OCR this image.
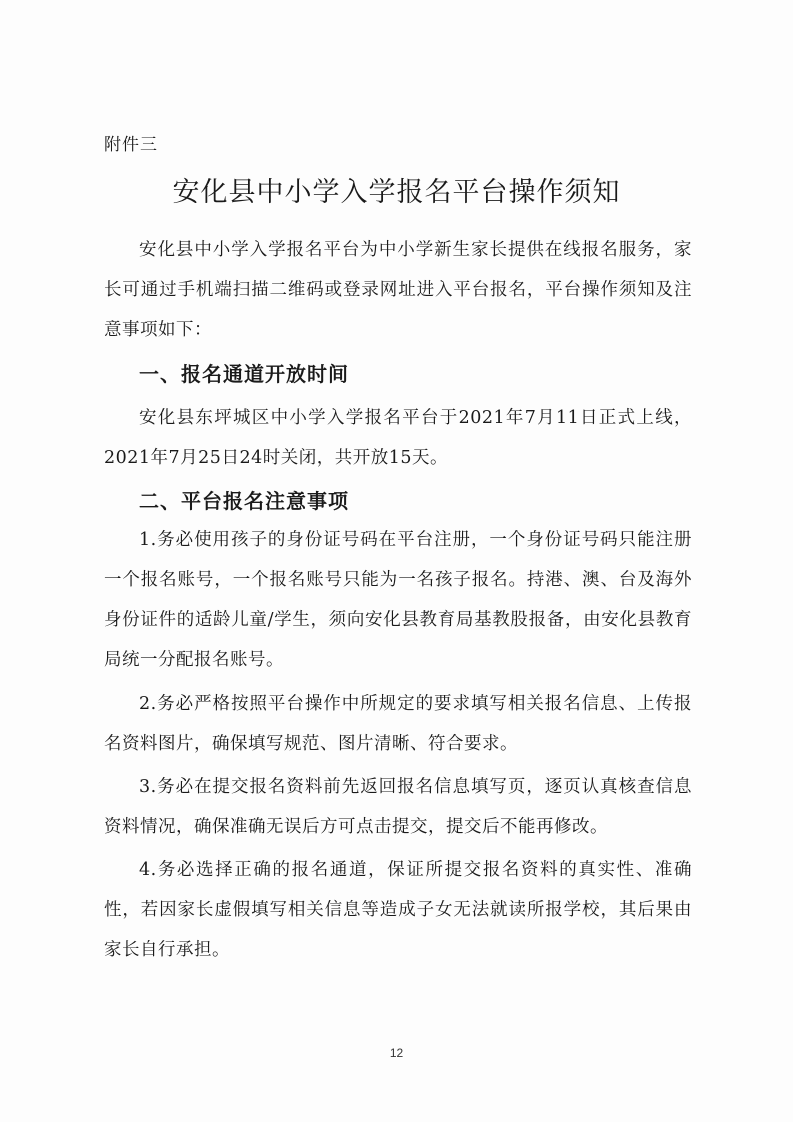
附件三
安化县中小学入学报名平台操作须知
安化县中小学入学报名平台为中小学新生家长提供在线报名服务，家长可通过手机端扫描二维码或登录网址进入平台报名，平台操作须知及注意事项如下：
一、报名通道开放时间
安化县东坪城区中小学入学报名平台于2021年7月11日正式上线，2021年7月25日24时关闭，共开放15天。
二、平台报名注意事项
1.务必使用孩子的身份证号码在平台注册，一个身份证号码只能注册一个报名账号，一个报名账号只能为一名孩子报名。持港、澳、台及海外身份证件的适龄儿童/学生，须向安化县教育局基教股报备，由安化县教育局统一分配报名账号。
2.务必严格按照平台操作中所规定的要求填写相关报名信息、上传报名资料图片，确保填写规范、图片清晰、符合要求。
3.务必在提交报名资料前先返回报名信息填写页，逐页认真核查信息资料情况，确保准确无误后方可点击提交，提交后不能再修改。
4.务必选择正确的报名通道，保证所提交报名资料的真实性、准确性，若因家长虚假填写相关信息等造成子女无法就读所报学校，其后果由家长自行承担。
12
